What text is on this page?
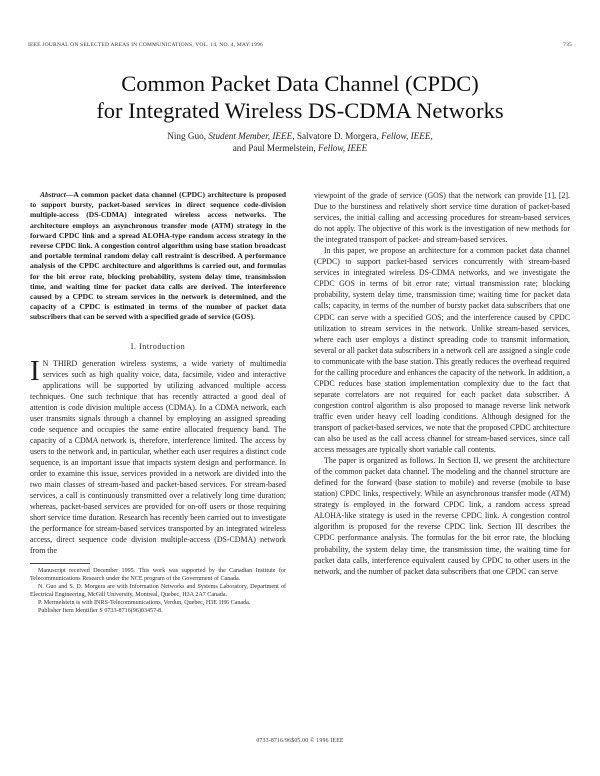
IEEE JOURNAL ON SELECTED AREAS IN COMMUNICATIONS, VOL. 14, NO. 4, MAY 1996	735
Common Packet Data Channel (CPDC)
for Integrated Wireless DS-CDMA Networks
Ning Guo, Student Member, IEEE, Salvatore D. Morgera, Fellow, IEEE,
and Paul Mermelstein, Fellow, IEEE

Abstract—A common packet data channel (CPDC) architecture is proposed to support bursty, packet-based services in direct sequence code-division multiple-access (DS-CDMA) integrated wireless access networks. The architecture employs an asynchronous transfer mode (ATM) strategy in the forward CPDC link and a spread ALOHA-type random access strategy in the reverse CPDC link. A congestion control algorithm using base station broadcast and portable terminal random delay call restraint is described. A performance analysis of the CPDC architecture and algorithms is carried out, and formulas for the bit error rate, blocking probability, system delay time, transmission time, and waiting time for packet data calls are derived. The interference caused by a CPDC to stream services in the network is determined, and the capacity of a CPDC is estimated in terms of the number of packet data subscribers that can be served with a specified grade of service (GOS).

I. Introduction

I N THIRD generation wireless systems, a wide variety of multimedia services such as high quality voice, data, facsimile, video and interactive applications will be supported by utilizing advanced multiple access techniques. One such technique that has recently attracted a good deal of attention is code division multiple access (CDMA). In a CDMA network, each user transmits signals through a channel by employing an assigned spreading code sequence and occupies the same entire allocated frequency band. The capacity of a CDMA network is, therefore, interference limited. The access by users to the network and, in particular, whether each user requires a distinct code sequence, is an important issue that impacts system design and performance. In order to examine this issue, services provided in a network are divided into the two main classes of stream-based and packet-based services. For stream-based services, a call is continuously transmitted over a relatively long time duration; whereas, packet-based services are provided for on-off users or those requiring short service time duration. Research has recently been carried out to investigate the performance for stream-based services transported by an integrated wireless access, direct sequence code division multiple-access (DS-CDMA) network from the

Manuscript received December 1995. This work was supported by the Canadian Institute for Telecommunications Research under the NCE program of the Government of Canada.

N. Guo and S. D. Morgera are with Information Networks and Systems Laboratory, Department of Electrical Engineering, McGill University, Montreal, Quebec, H3A 2A7 Canada.

P. Mermelstein is with INRS-Telecommunications, Verdun, Quebec, H3E 1H6 Canada.

Publisher Item Identifier S 0733-8716(96)03457-8.

viewpoint of the grade of service (GOS) that the network can provide [1], [2]. Due to the burstiness and relatively short service time duration of packet-based services, the initial calling and accessing procedures for stream-based services do not apply. The objective of this work is the investigation of new methods for the integrated transport of packet- and stream-based services.

In this paper, we propose an architecture for a common packet data channel (CPDC) to support packet-based services concurrently with stream-based services in integrated wireless DS-CDMA networks, and we investigate the CPDC GOS in terms of bit error rate; virtual transmission rate; blocking probability, system delay time, transmission time; waiting time for packet data calls; capacity, in terms of the number of bursty packet data subscribers that one CPDC can serve with a specified GOS; and the interference caused by CPDC utilization to stream services in the network. Unlike stream-based services, where each user employs a distinct spreading code to transmit information, several or all packet data subscribers in a network cell are assigned a single code to communicate with the base station. This greatly reduces the overhead required for the calling procedure and enhances the capacity of the network. In addition, a CPDC reduces base station implementation complexity due to the fact that separate correlators are not required for each packet data subscriber. A congestion control algorithm is also proposed to manage reverse link network traffic even under heavy cell loading conditions. Although designed for the transport of packet-based services, we note that the proposed CPDC architecture can also be used as the call access channel for stream-based services, since call access messages are typically short variable call contents.

The paper is organized as follows. In Section II, we present the architecture of the common packet data channel. The modeling and the channel structure are defined for the forward (base station to mobile) and reverse (mobile to base station) CPDC links, respectively. While an asynchronous transfer mode (ATM) strategy is employed in the forward CPDC link, a random access spread ALOHA-like strategy is used in the reverse CPDC link. A congestion control algorithm is proposed for the reverse CPDC link. Section III describes the CPDC performance analysis. The formulas for the bit error rate, the blocking probability, the system delay time, the transmission time, the waiting time for packet data calls, interference equivalent caused by CPDC to other users in the network, and the number of packet data subscribers that one CPDC can serve

0733-8716/96$05.00 © 1996 IEEE
